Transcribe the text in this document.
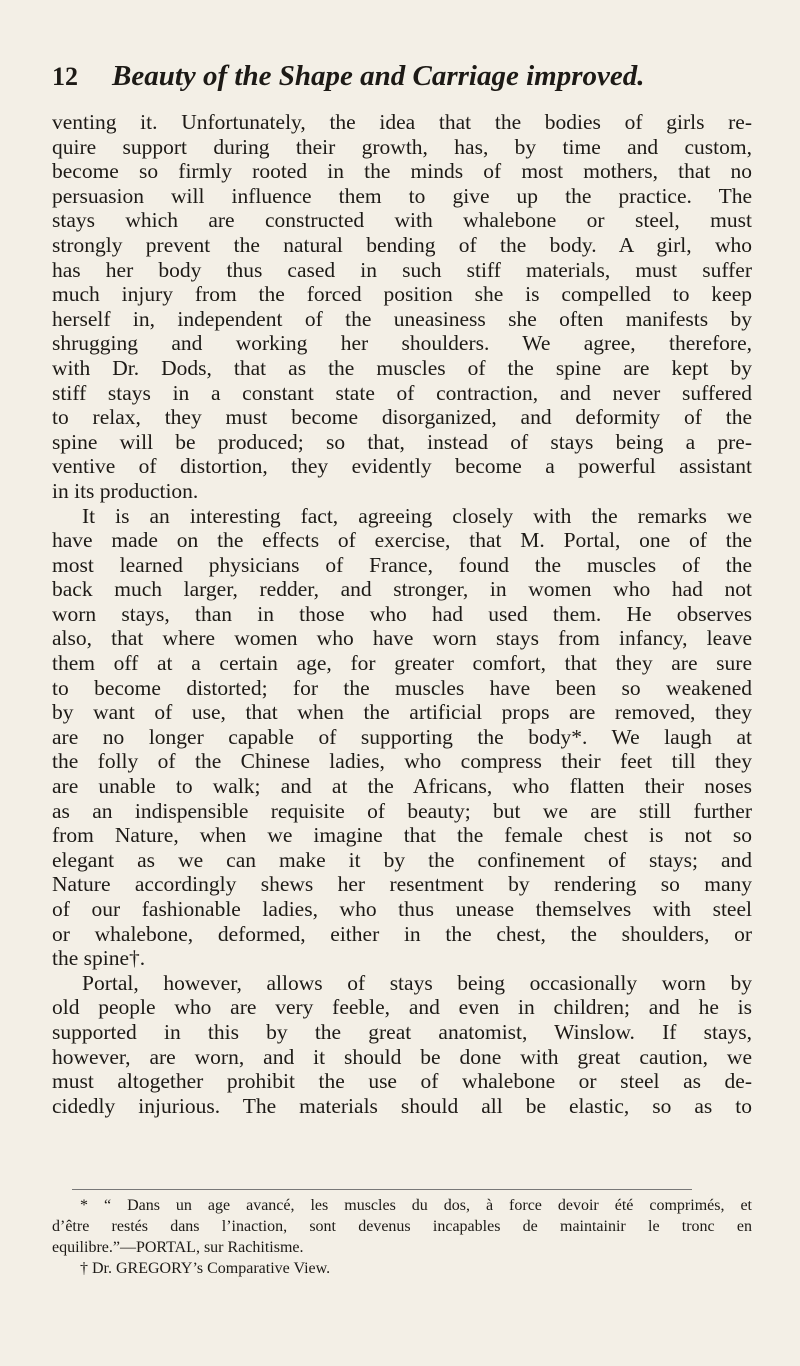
12 Beauty of the Shape and Carriage improved.
venting it. Unfortunately, the idea that the bodies of girls re-
quire support during their growth, has, by time and custom,
become so firmly rooted in the minds of most mothers, that no
persuasion will influence them to give up the practice. The
stays which are constructed with whalebone or steel, must
strongly prevent the natural bending of the body. A girl, who
has her body thus cased in such stiff materials, must suffer
much injury from the forced position she is compelled to keep
herself in, independent of the uneasiness she often manifests by
shrugging and working her shoulders. We agree, therefore,
with Dr. Dods, that as the muscles of the spine are kept by
stiff stays in a constant state of contraction, and never suffered
to relax, they must become disorganized, and deformity of the
spine will be produced; so that, instead of stays being a pre-
ventive of distortion, they evidently become a powerful assistant
in its production.
It is an interesting fact, agreeing closely with the remarks we
have made on the effects of exercise, that M. Portal, one of the
most learned physicians of France, found the muscles of the
back much larger, redder, and stronger, in women who had not
worn stays, than in those who had used them. He observes
also, that where women who have worn stays from infancy, leave
them off at a certain age, for greater comfort, that they are sure
to become distorted; for the muscles have been so weakened
by want of use, that when the artificial props are removed, they
are no longer capable of supporting the body*. We laugh at
the folly of the Chinese ladies, who compress their feet till they
are unable to walk; and at the Africans, who flatten their noses
as an indispensible requisite of beauty; but we are still further
from Nature, when we imagine that the female chest is not so
elegant as we can make it by the confinement of stays; and
Nature accordingly shews her resentment by rendering so many
of our fashionable ladies, who thus unease themselves with steel
or whalebone, deformed, either in the chest, the shoulders, or
the spine†.
Portal, however, allows of stays being occasionally worn by
old people who are very feeble, and even in children; and he is
supported in this by the great anatomist, Winslow. If stays,
however, are worn, and it should be done with great caution, we
must altogether prohibit the use of whalebone or steel as de-
cidedly injurious. The materials should all be elastic, so as to
* “ Dans un age avancé, les muscles du dos, à force devoir été comprimés, et
d’être restés dans l’inaction, sont devenus incapables de maintainir le tronc en
equilibre.”—PORTAL, sur Rachitisme.
† Dr. GREGORY’s Comparative View.
